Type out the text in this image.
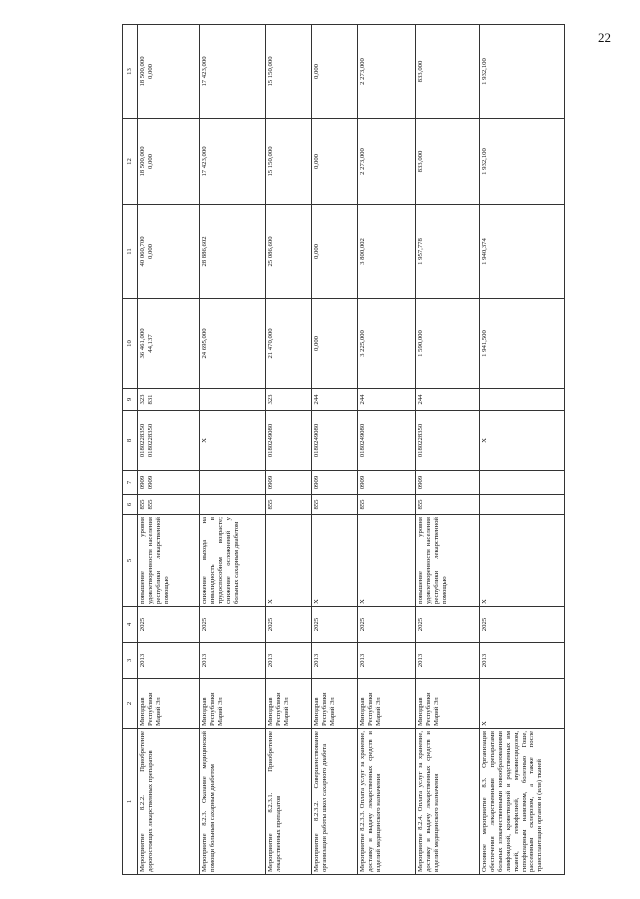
22
1	2	3	4	5	6	7	8	9	10	11	12	13
Мероприятие 8.2.2. Приобретение дорогостоящих лекарственных препаратов	Минздрав Республики Марий Эл	2013	2025	повышение уровня удовлетворенности населения республики лекарственной помощью	855 855	0909 0909	0180228350 0180228350	323 831	36 461,000 44,137	40 060,700 0,000	18 500,000 0,000	18 500,000 0,000

Мероприятие 8.2.3. Оказание медицинской помощи больным сахарным диабетом	Минздрав Республики Марий Эл	2013	2025	снижение выхода на инвалидность в трудоспособном возрасте; снижение осложнений у больных сахарным диабетом			X		24 695,000	28 886,602	17 423,000	17 423,000
Мероприятие 8.2.3.1. Приобретение лекарственных препаратов	Минздрав Республики Марий Эл	2013	2025	X	855	0909	0180249080	323	21 470,000	25 086,600	15 150,000	15 150,000
Мероприятие 8.2.3.2. Совершенствование организации работы школ сахарного диабета	Минздрав Республики Марий Эл	2013	2025	X	855	0909	0180249080	244	0,000	0,000	0,000	0,000
Мероприятие 8.2.3.3. Оплата услуг за хранение, доставку и выдачу лекарственных средств и изделий медицинского назначения	Минздрав Республики Марий Эл	2013	2025	X	855	0909	0180249080	244	3 225,000	3 800,002	2 273,000	2 273,000
Мероприятие 8.2.4. Оплата услуг за хранение, доставку и выдачу лекарственных средств и изделий медицинского назначения	Минздрав Республики Марий Эл	2013	2025	повышение уровня удовлетворенности населения республики лекарственной помощью	855	0909	0180228350	244	1 590,000	1 957,778	833,000	833,000
Основное мероприятие 8.3. Организация обеспечения лекарственными препаратами больных злокачественными новообразованиями лимфоидной, кроветворной и родственных им тканей, гемофилией, муковисцидозом, гипофизарным нанизмом, болезнью Гоше, рассеянным склерозом, а также после трансплантации органов и (или) тканей	X	2013	2025	X			X		1 941,500	1 940,374	1 932,100	1 932,100
